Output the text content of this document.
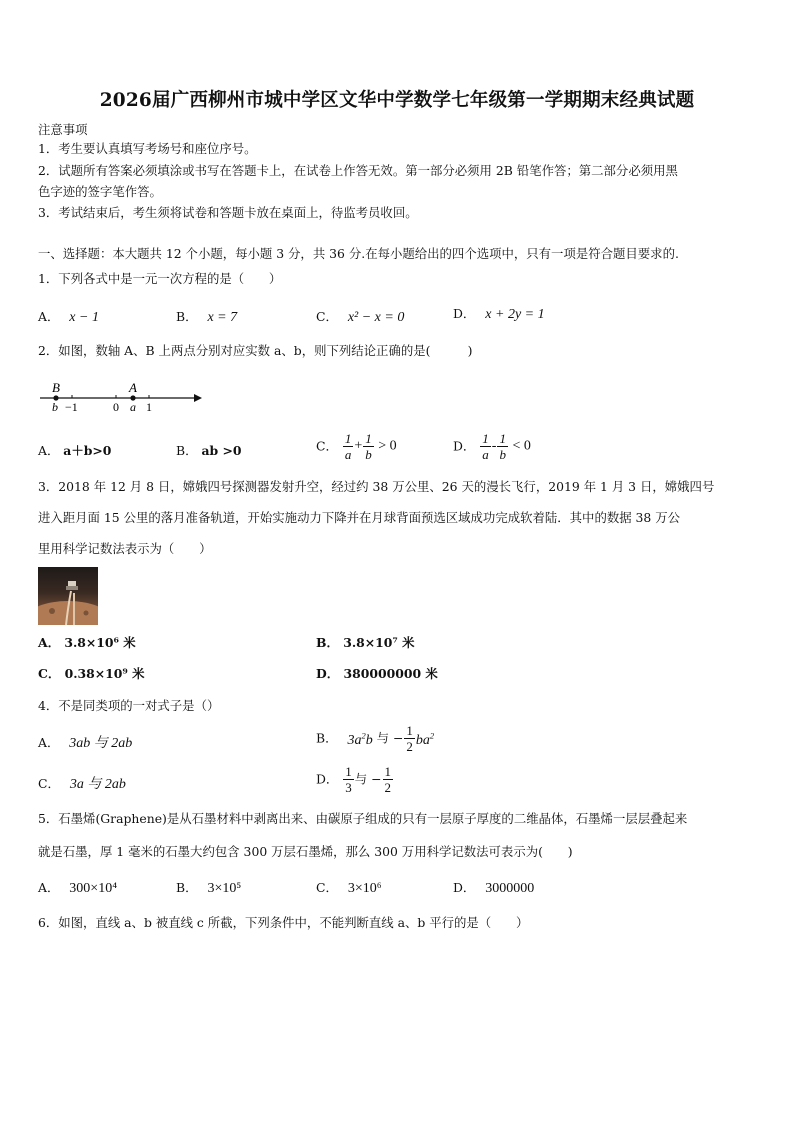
2026届广西柳州市城中学区文华中学数学七年级第一学期期末经典试题
注意事项
1．考生要认真填写考场号和座位序号。
2．试题所有答案必须填涂或书写在答题卡上，在试卷上作答无效。第一部分必须用 2B 铅笔作答；第二部分必须用黑
色字迹的签字笔作答。
3．考试结束后，考生须将试卷和答题卡放在桌面上，待监考员收回。
一、选择题：本大题共 12 个小题，每小题 3 分，共 36 分.在每小题给出的四个选项中，只有一项是符合题目要求的.
1．下列各式中是一元一次方程的是（　　）
A． x − 1	B． x = 7	C． x² − x = 0	D． x + 2y = 1
2．如图，数轴 A、B 上两点分别对应实数 a、b，则下列结论正确的是(　　　)
B	A
b −1	0 a 1
A． a＋b>0	B． ab >0	C． $\frac{1}{a} + \frac{1}{b} > 0$	D． $\frac{1}{a} - \frac{1}{b} < 0$
3．2018 年 12 月 8 日，嫦娥四号探测器发射升空，经过约 38 万公里、26 天的漫长飞行，2019 年 1 月 3 日，嫦娥四号
进入距月面 15 公里的落月准备轨道，开始实施动力下降并在月球背面预选区域成功完成软着陆．其中的数据 38 万公
里用科学记数法表示为（　　）
A． 3.8×10⁶ 米	B． 3.8×10⁷ 米
C． 0.38×10⁹ 米	D． 380000000 米
4．不是同类项的一对式子是（）
A． 3ab 与 2ab	B． $3a^2b$ 与 − $\frac{1}{2} ba^2$
C． 3a 与 2ab	D． $\frac{1}{3}$ 与 − $\frac{1}{2}$
5．石墨烯(Graphene)是从石墨材料中剥离出来、由碳原子组成的只有一层原子厚度的二维晶体，石墨烯一层层叠起来
就是石墨，厚 1 毫米的石墨大约包含 300 万层石墨烯，那么 300 万用科学记数法可表示为(　　)
A． 300×10⁴	B． 3×10⁵	C． 3×10⁶	D． 3000000
6．如图，直线 a、b 被直线 c 所截，下列条件中，不能判断直线 a、b 平行的是（　　）
